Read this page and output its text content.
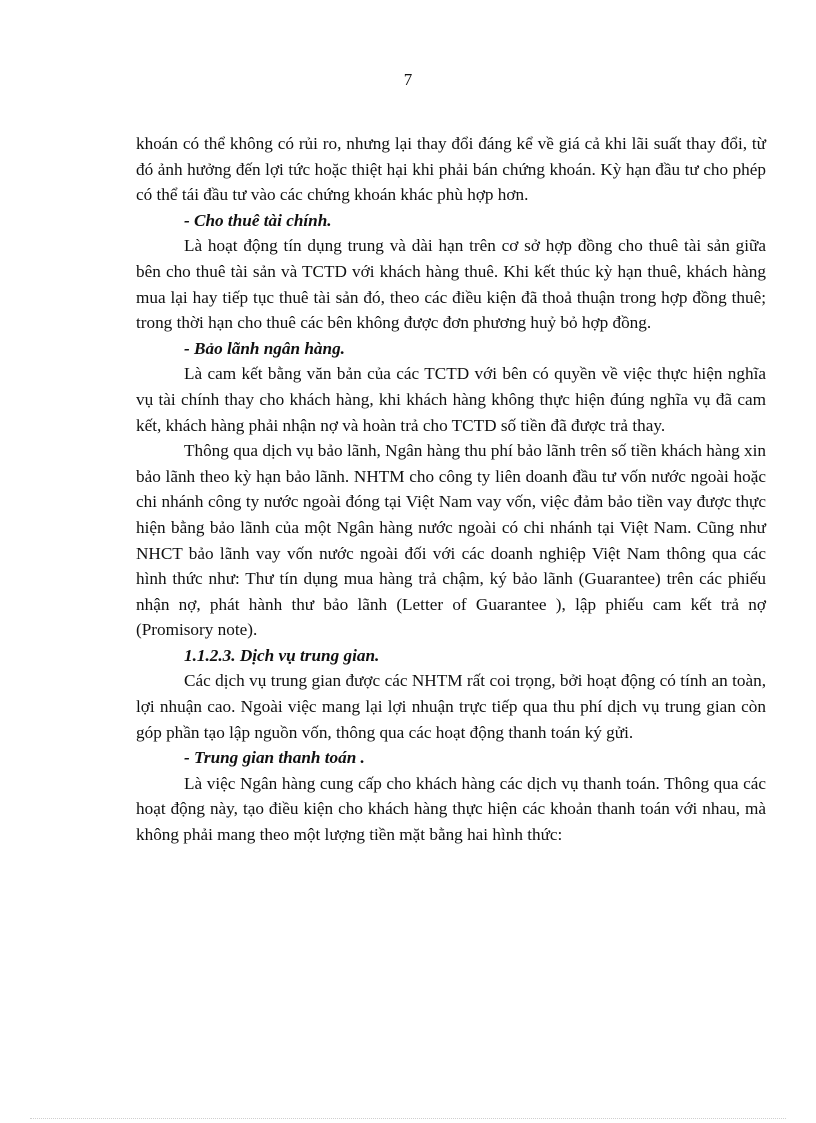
7

khoán có thể không có rủi ro, nhưng lại thay đổi đáng kể về giá cả khi lãi suất thay đổi, từ đó ảnh hưởng đến lợi tức hoặc thiệt hại khi phải bán chứng khoán. Kỳ hạn đầu tư cho phép có thể tái đầu tư vào các chứng khoán khác phù hợp hơn.

- Cho thuê tài chính.

Là hoạt động tín dụng trung và dài hạn trên cơ sở hợp đồng cho thuê tài sản giữa bên cho thuê tài sản và TCTD với khách hàng thuê. Khi kết thúc kỳ hạn thuê, khách hàng mua lại hay tiếp tục thuê tài sản đó, theo các điều kiện đã thoả thuận trong hợp đồng thuê; trong thời hạn cho thuê các bên không được đơn phương huỷ bỏ hợp đồng.

- Bảo lãnh ngân hàng.

Là cam kết bằng văn bản của các TCTD với bên có quyền về việc thực hiện nghĩa vụ tài chính thay cho khách hàng, khi khách hàng không thực hiện đúng nghĩa vụ đã cam kết, khách hàng phải nhận nợ và hoàn trả cho TCTD số tiền đã được trả thay.

Thông qua dịch vụ bảo lãnh, Ngân hàng thu phí bảo lãnh trên số tiền khách hàng xin bảo lãnh theo kỳ hạn bảo lãnh. NHTM cho công ty liên doanh đầu tư vốn nước ngoài hoặc chi nhánh công ty nước ngoài đóng tại Việt Nam vay vốn, việc đảm bảo tiền vay được thực hiện bằng bảo lãnh của một Ngân hàng nước ngoài có chi nhánh tại Việt Nam. Cũng như NHCT bảo lãnh vay vốn nước ngoài đối với các doanh nghiệp Việt Nam thông qua các hình thức như: Thư tín dụng mua hàng trả chậm, ký bảo lãnh (Guarantee) trên các phiếu nhận nợ, phát hành thư bảo lãnh (Letter of Guarantee ), lập phiếu cam kết trả nợ (Promisory note).

1.1.2.3. Dịch vụ trung gian.

Các dịch vụ trung gian được các NHTM rất coi trọng, bởi hoạt động có tính an toàn, lợi nhuận cao. Ngoài việc mang lại lợi nhuận trực tiếp qua thu phí dịch vụ trung gian còn góp phần tạo lập nguồn vốn, thông qua các hoạt động thanh toán ký gửi.

- Trung gian thanh toán .

Là việc Ngân hàng cung cấp cho khách hàng các dịch vụ thanh toán. Thông qua các hoạt động này, tạo điều kiện cho khách hàng thực hiện các khoản thanh toán với nhau, mà không phải mang theo một lượng tiền mặt bằng hai hình thức:
